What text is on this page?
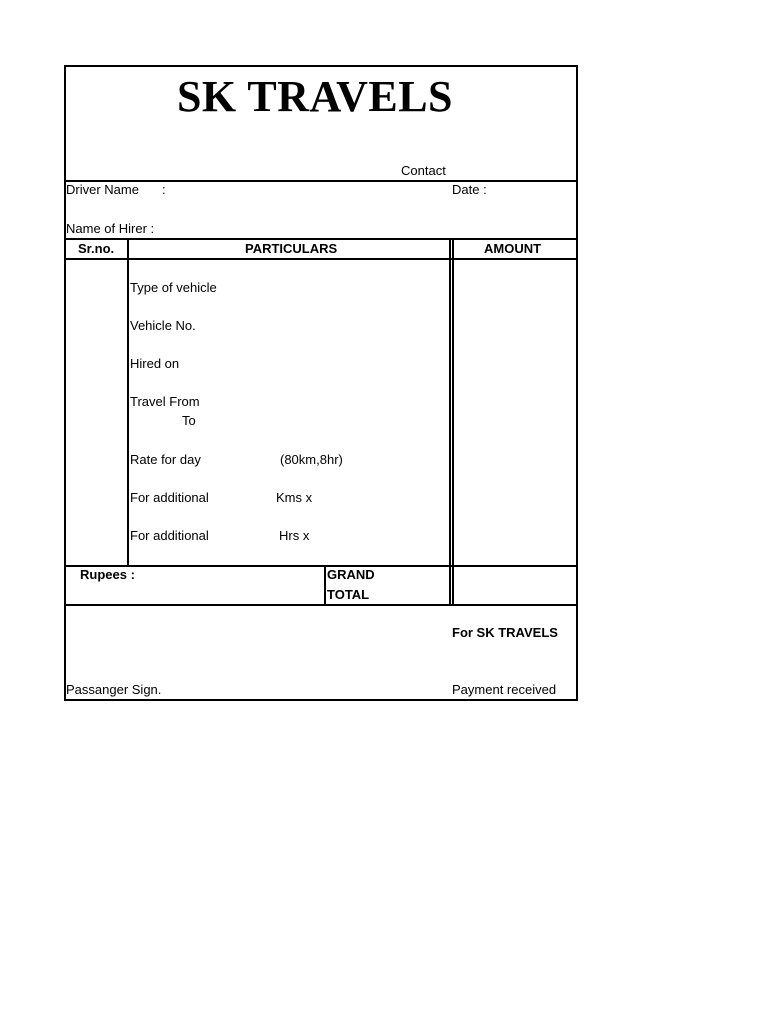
SK TRAVELS
Contact
Driver Name :	Date :
Name of Hirer :
Sr.no.	PARTICULARS	AMOUNT
Type of vehicle
Vehicle No.
Hired on
Travel From
To
Rate for day	(80km,8hr)
For additional	Kms x
For additional	Hrs x
Rupees :	GRAND
TOTAL
For SK TRAVELS
Passanger Sign.	Payment received
